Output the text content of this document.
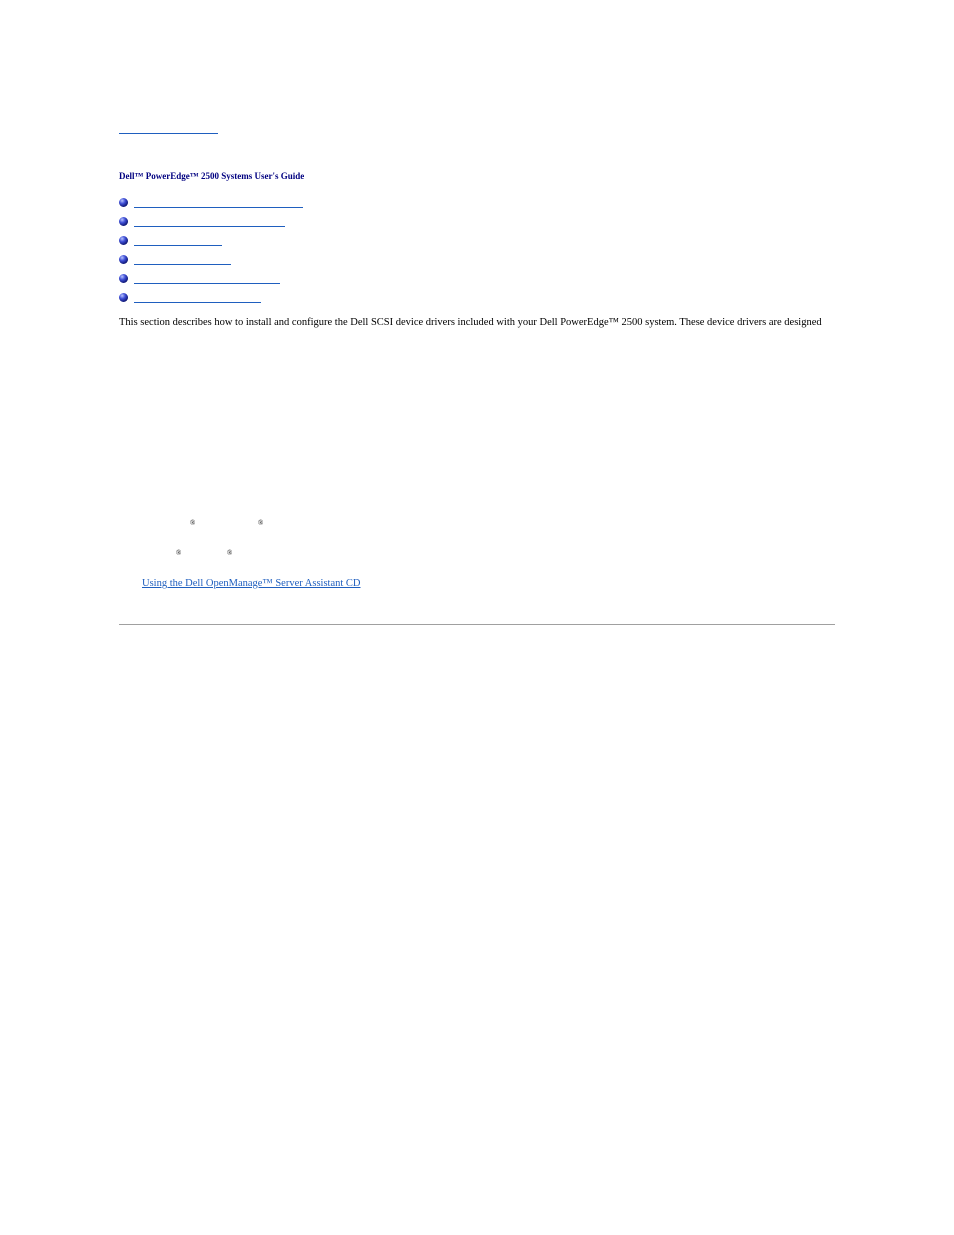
Dell™ PowerEdge™ 2500 Systems User's Guide

This section describes how to install and configure the Dell SCSI device drivers included with your Dell PowerEdge™ 2500 system. These device drivers are designed

®	®
®	®
Using the Dell OpenManage™ Server Assistant CD
